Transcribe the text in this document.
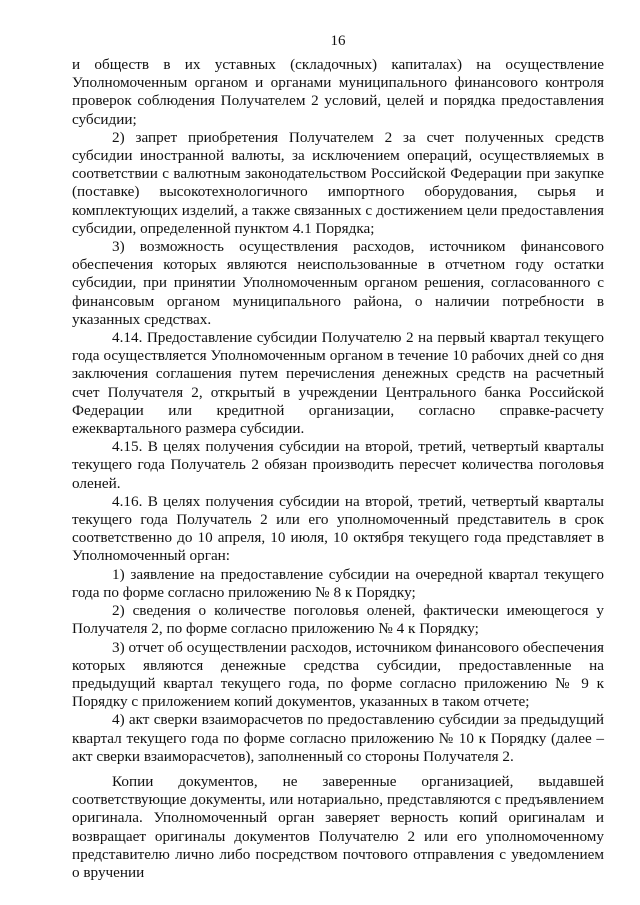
16

и обществ в их уставных (складочных) капиталах) на осуществление Уполномоченным органом и органами муниципального финансового контроля проверок соблюдения Получателем 2 условий, целей и порядка предоставления субсидии;

2) запрет приобретения Получателем 2 за счет полученных средств субсидии иностранной валюты, за исключением операций, осуществляемых в соответствии с валютным законодательством Российской Федерации при закупке (поставке) высокотехнологичного импортного оборудования, сырья и комплектующих изделий, а также связанных с достижением цели предоставления субсидии, определенной пунктом 4.1 Порядка;

3) возможность осуществления расходов, источником финансового обеспечения которых являются неиспользованные в отчетном году остатки субсидии, при принятии Уполномоченным органом решения, согласованного с финансовым органом муниципального района, о наличии потребности в указанных средствах.

4.14. Предоставление субсидии Получателю 2 на первый квартал текущего года осуществляется Уполномоченным органом в течение 10 рабочих дней со дня заключения соглашения путем перечисления денежных средств на расчетный счет Получателя 2, открытый в учреждении Центрального банка Российской Федерации или кредитной организации, согласно справке-расчету ежеквартального размера субсидии.

4.15. В целях получения субсидии на второй, третий, четвертый кварталы текущего года Получатель 2 обязан производить пересчет количества поголовья оленей.

4.16. В целях получения субсидии на второй, третий, четвертый кварталы текущего года Получатель 2 или его уполномоченный представитель в срок соответственно до 10 апреля, 10 июля, 10 октября текущего года представляет в Уполномоченный орган:

1) заявление на предоставление субсидии на очередной квартал текущего года по форме согласно приложению № 8 к Порядку;

2) сведения о количестве поголовья оленей, фактически имеющегося у Получателя 2, по форме согласно приложению № 4 к Порядку;

3) отчет об осуществлении расходов, источником финансового обеспечения которых являются денежные средства субсидии, предоставленные на предыдущий квартал текущего года, по форме согласно приложению № 9 к Порядку с приложением копий документов, указанных в таком отчете;

4) акт сверки взаиморасчетов по предоставлению субсидии за предыдущий квартал текущего года по форме согласно приложению № 10 к Порядку (далее – акт сверки взаиморасчетов), заполненный со стороны Получателя 2.

Копии документов, не заверенные организацией, выдавшей соответствующие документы, или нотариально, представляются с предъявлением оригинала. Уполномоченный орган заверяет верность копий оригиналам и возвращает оригиналы документов Получателю 2 или его уполномоченному представителю лично либо посредством почтового отправления с уведомлением о вручении
